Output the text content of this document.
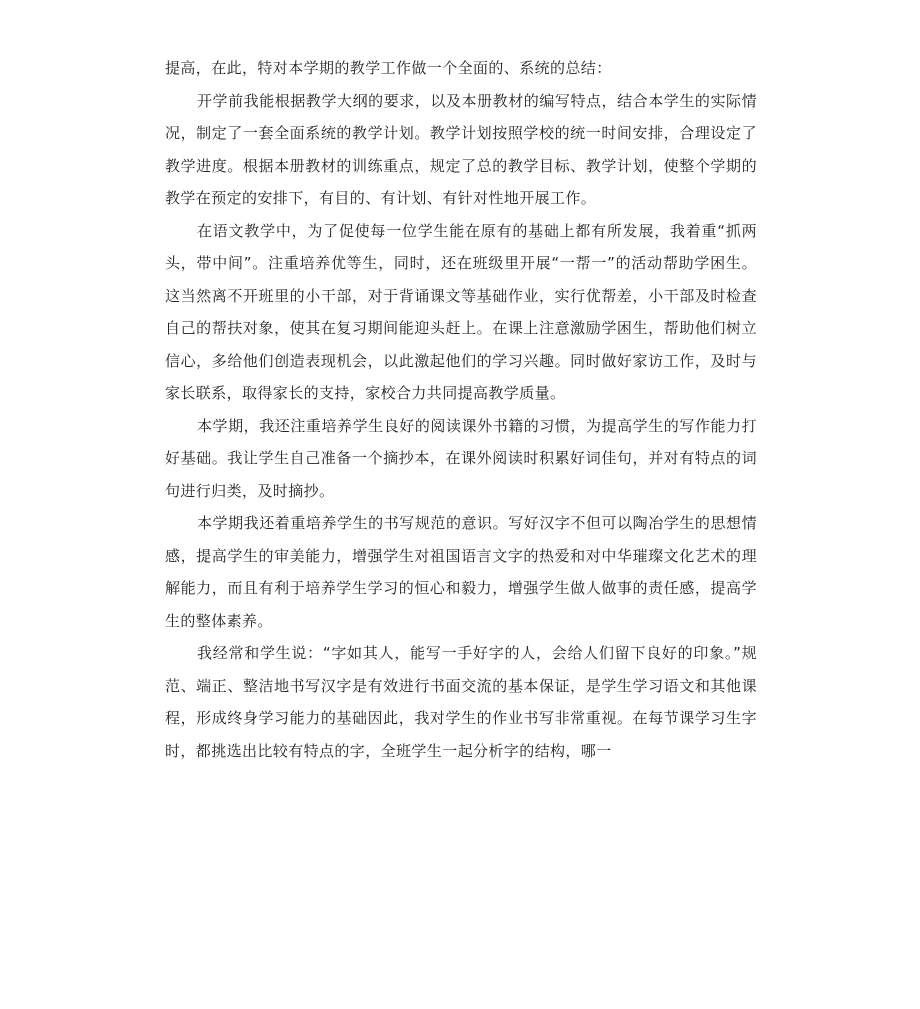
提高，在此，特对本学期的教学工作做一个全面的、系统的总结：

开学前我能根据教学大纲的要求，以及本册教材的编写特点，结合本学生的实际情况，制定了一套全面系统的教学计划。教学计划按照学校的统一时间安排，合理设定了教学进度。根据本册教材的训练重点，规定了总的教学目标、教学计划，使整个学期的教学在预定的安排下，有目的、有计划、有针对性地开展工作。

在语文教学中，为了促使每一位学生能在原有的基础上都有所发展，我着重“抓两头，带中间”。注重培养优等生，同时，还在班级里开展“一帮一”的活动帮助学困生。这当然离不开班里的小干部，对于背诵课文等基础作业，实行优帮差，小干部及时检查自己的帮扶对象，使其在复习期间能迎头赶上。在课上注意激励学困生，帮助他们树立信心，多给他们创造表现机会，以此激起他们的学习兴趣。同时做好家访工作，及时与家长联系，取得家长的支持，家校合力共同提高教学质量。

本学期，我还注重培养学生良好的阅读课外书籍的习惯，为提高学生的写作能力打好基础。我让学生自己准备一个摘抄本，在课外阅读时积累好词佳句，并对有特点的词句进行归类，及时摘抄。

本学期我还着重培养学生的书写规范的意识。写好汉字不但可以陶冶学生的思想情感，提高学生的审美能力，增强学生对祖国语言文字的热爱和对中华璀璨文化艺术的理解能力，而且有利于培养学生学习的恒心和毅力，增强学生做人做事的责任感，提高学生的整体素养。

我经常和学生说：“字如其人，能写一手好字的人，会给人们留下良好的印象。”规范、端正、整洁地书写汉字是有效进行书面交流的基本保证，是学生学习语文和其他课程，形成终身学习能力的基础因此，我对学生的作业书写非常重视。在每节课学习生字时，都挑选出比较有特点的字，全班学生一起分析字的结构，哪一
